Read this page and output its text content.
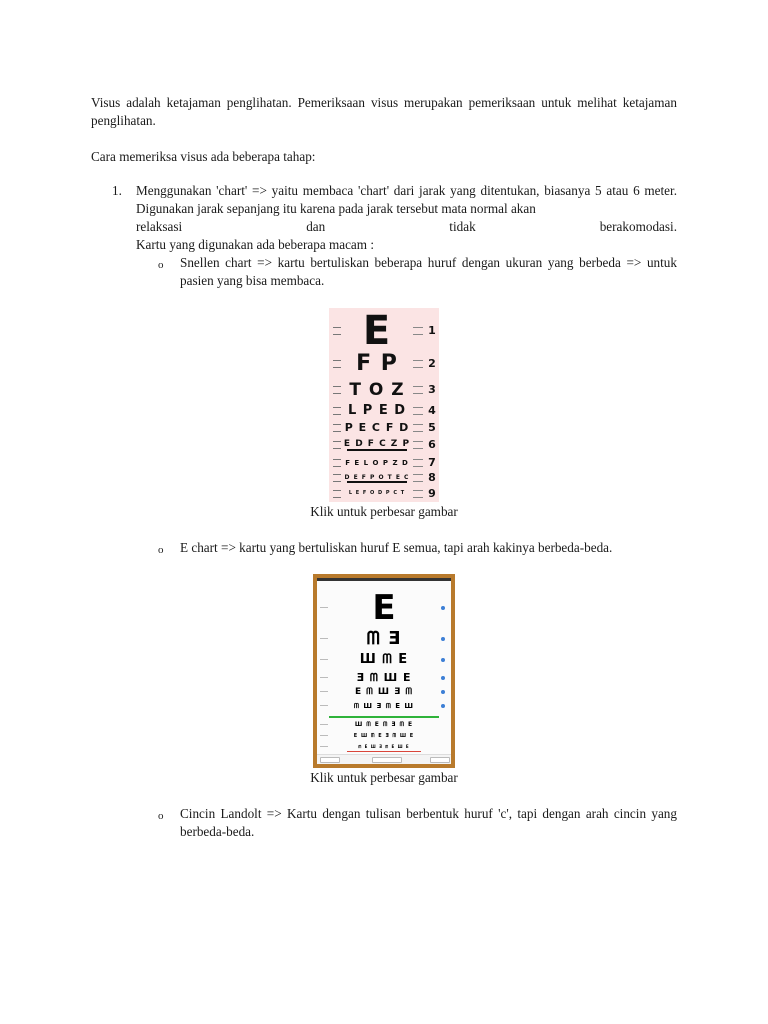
Visus adalah ketajaman penglihatan. Pemeriksaan visus merupakan pemeriksaan untuk melihat ketajaman penglihatan.
Cara memeriksa visus ada beberapa tahap:
1. Menggunakan 'chart' => yaitu membaca 'chart' dari jarak yang ditentukan, biasanya 5 atau 6 meter. Digunakan jarak sepanjang itu karena pada jarak tersebut mata normal akan
relaksasi dan tidak berakomodasi.
Kartu yang digunakan ada beberapa macam :
o Snellen chart => kartu bertuliskan beberapa huruf dengan ukuran yang berbeda => untuk pasien yang bisa membaca.
E	1
F P	2
T O Z	3
L P E D	4
P E C F D 5
E D F C Z P 6
F E L O P Z D 7
D E F P O T E C 8
L E F O D P C T	9
Klik untuk perbesar gambar
o E chart => kartu yang bertuliskan huruf E semua, tapi arah kakinya berbeda-beda.
E
ᗰ Ǝ
Ш ᗰ E
Ǝ ᗰ Ш E
E ᗰ Ш Ǝ ᗰ
ᗰ Ш Ǝ ᗰ E Ш
Ш ᗰ E ᗰ Ǝ ᗰ E
E Ш ᗰ E Ǝ ᗰ Ш E
ᗰ E Ш Ǝ ᗰ E Ш E
Klik untuk perbesar gambar
o Cincin Landolt => Kartu dengan tulisan berbentuk huruf 'c', tapi dengan arah cincin yang berbeda-beda.
